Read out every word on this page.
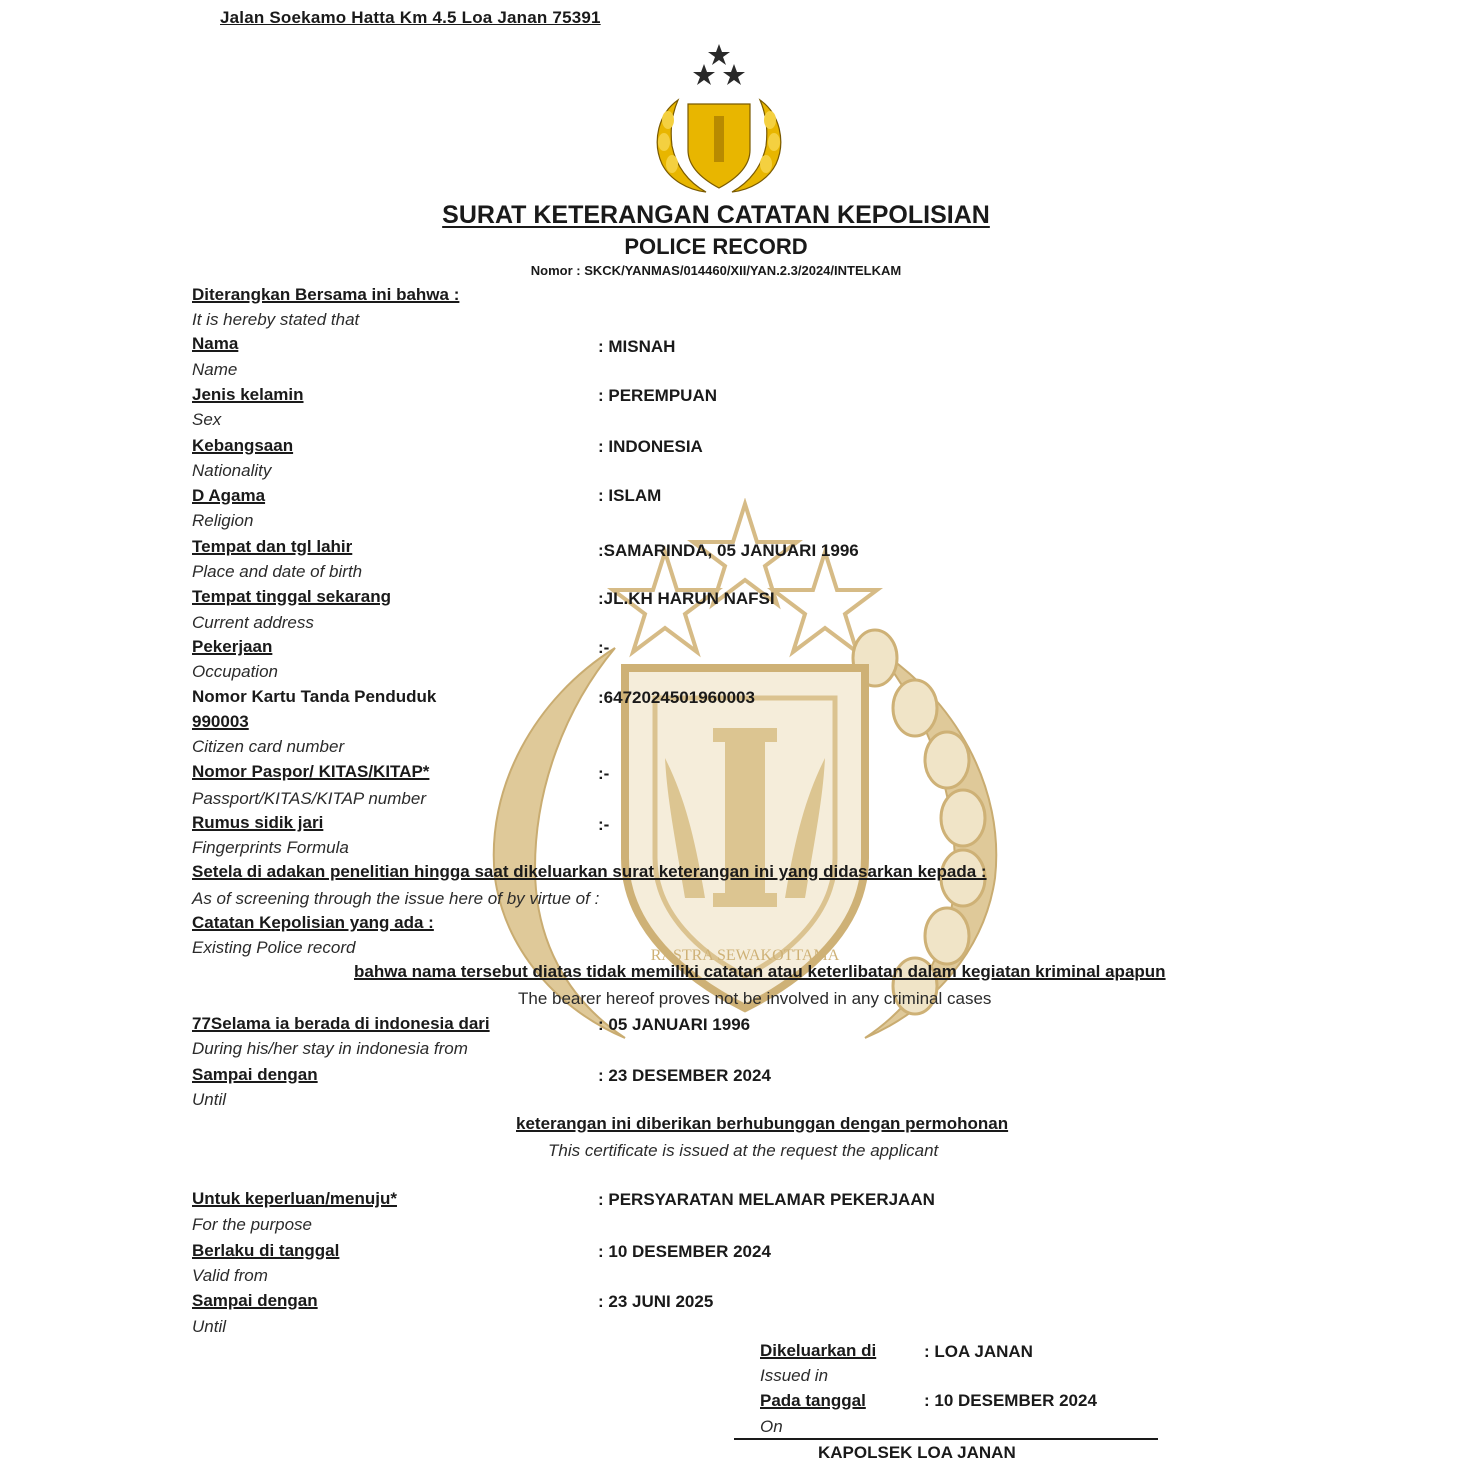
Jalan Soekamo Hatta Km 4.5 Loa Janan 75391
SURAT KETERANGAN CATATAN KEPOLISIAN
POLICE RECORD
Nomor : SKCK/YANMAS/014460/XII/YAN.2.3/2024/INTELKAM
RASTRA SEWAKOTTAMA
Diterangkan Bersama ini bahwa :
It is hereby stated that
Nama
Name
: MISNAH
Jenis kelamin
Sex
: PEREMPUAN
Kebangsaan
Nationality
: INDONESIA
D Agama
Religion
: ISLAM
Tempat dan tgl lahir
Place and date of birth
:SAMARINDA, 05 JANUARI 1996
Tempat tinggal sekarang
Current address
:JL.KH HARUN NAFSI
Pekerjaan
Occupation
:-
Nomor Kartu Tanda Penduduk
990003
Citizen card number
:6472024501960003
Nomor Paspor/ KITAS/KITAP*
Passport/KITAS/KITAP number
:-
Rumus sidik jari
Fingerprints Formula
:-
Setela di adakan penelitian hingga saat dikeluarkan surat keterangan ini yang didasarkan kepada :
As of screening through the issue here of by virtue of :
Catatan Kepolisian yang ada :
Existing Police record
bahwa nama tersebut diatas tidak memiliki catatan atau keterlibatan dalam kegiatan kriminal apapun
The bearer hereof proves not be involved in any criminal cases
77Selama ia berada di indonesia dari
During his/her stay in indonesia from
: 05 JANUARI 1996
Sampai dengan
Until
: 23 DESEMBER 2024
keterangan ini diberikan berhubunggan dengan permohonan
This certificate is issued at the request the applicant
Untuk keperluan/menuju*
For the purpose
: PERSYARATAN MELAMAR PEKERJAAN
Berlaku di tanggal
Valid from
: 10 DESEMBER 2024
Sampai dengan
Until
: 23 JUNI 2025
Dikeluarkan di
Issued in
: LOA JANAN
Pada tanggal
On
: 10 DESEMBER 2024
KAPOLSEK LOA JANAN
